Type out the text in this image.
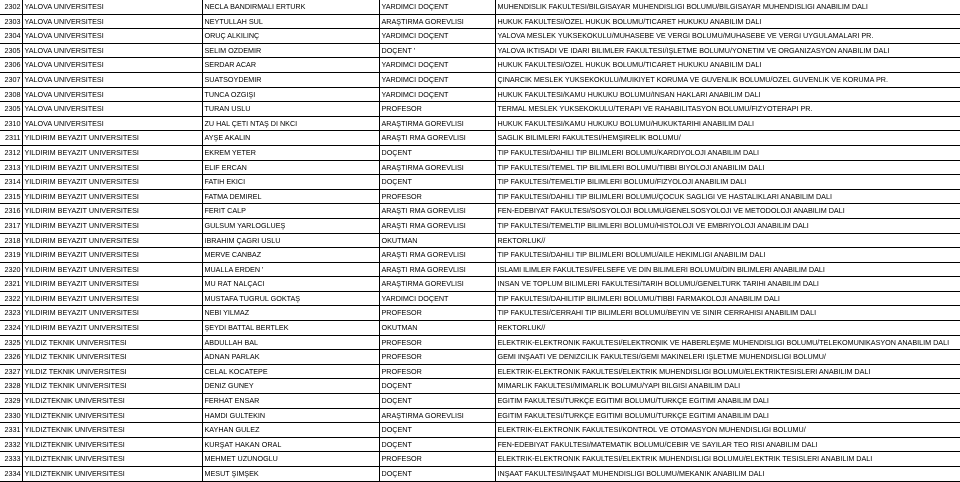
2302	YALOVA UNIVERSITESI	NECLA BANDIRMALI ERTURK	YARDIMCI DOÇENT	MUHENDISLIK FAKULTESI/BILGISAYAR MUHENDISLIGI BOLUMU/BILGISAYAR MUHENDISLIGI ANABILIM DALI
2303	YALOVA UNIVERSITESI	NEYTULLAH SUL	ARAŞTIRMA GOREVLISI	HUKUK FAKULTESI/OZEL HUKUK BOLUMU/TICARET HUKUKU ANABILIM DALI
2304	YALOVA UNIVERSITESI	ORUÇ ALKILINÇ	YARDIMCI DOÇENT	YALOVA MESLEK YUKSEKOKULU/MUHASEBE VE VERGI BOLUMU/MUHASEBE VE VERGI UYGULAMALARI PR.
2305	YALOVA UNIVERSITESI	SELIM OZDEMIR	DOÇENT '	YALOVA IKTISADI VE IDARI BILIMLER FAKULTESI/IŞLETME BOLUMU/YONETIM VE ORGANIZASYON ANABILIM DALI
2306	YALOVA UNIVERSITESI	SERDAR ACAR	YARDIMCI DOÇENT	HUKUK FAKULTESI/OZEL HUKUK BOLUMU/TICARET HUKUKU ANABILIM DALI
2307	YALOVA UNIVERSITESI	SUATSOYDEMIR	YARDIMCI DOÇENT	ÇINARCIK MESLEK YUKSEKOKULU/MUIKIYET KORUMA VE GUVENLIK BOLUMU/OZEL GUVENLIK VE KORUMA PR.
2308	YALOVA UNIVERSITESI	TUNCA OZGIŞI	YARDIMCI DOÇENT	HUKUK FAKULTESI/KAMU HUKUKU BOLUMU/INSAN HAKLARI ANABILIM DALI
2305	YALOVA UNIVERSITESI	TURAN USLU	PROFESOR	TERMAL MESLEK YUKSEKOKULU/TERAPI VE RAHABILITASYON BOLUMU/FIZYOTERAPI PR.
2310	YALOVA UNIVERSITESI	ZU HAL ÇETI NTAŞ DI NKCI	ARAŞTIRMA GOREVLISI	HUKUK FAKULTESI/KAMU HUKUKU BOLUMU/HUKUKTARIHI ANABILIM DALI
2311	YILDIRIM BEYAZIT UNIVERSITESI	AYŞE AKALIN	ARAŞTI RMA GOREVLISI	SAGLIK BILIMLERI FAKULTESI/HEMŞIRELIK BOLUMU/
2312	YILDIRIM BEYAZIT UNIVERSITESI	EKREM YETER	DOÇENT	TIP FAKULTESI/DAHILI TIP BILIMLERI BOLUMU/KARDIYOLOJI ANABILIM DALI
2313	YILDIRIM BEYAZIT UNIVERSITESI	ELIF ERCAN	ARAŞTIRMA GOREVLISI	TIP FAKULTESI/TEMEL TIP BILIMLERI BOLUMU/TIBBI BIYOLOJI ANABILIM DALI
2314	YILDIRIM BEYAZIT UNIVERSITESI	FATIH EKICI	DOÇENT	TIP FAKULTESI/TEMELTIP BILIMLERI BOLUMU/FIZYOLOJI ANABILIM DALI
2315	YILDIRIM BEYAZIT UNIVERSITESI	FATMA DEMIREL	PROFESOR	TIP FAKULTESI/DAHILI TIP BILIMLERI BOLUMU/ÇOCUK SAGLIGI VE HASTALIKLARI ANABILIM DALI
2316	YILDIRIM BEYAZIT UNIVERSITESI	FERIT CALP	ARAŞTI RMA GOREVLISI	FEN-EDEBIYAT FAKULTESI/SOSYOLOJI BOLUMU/GENELSOSYOLOJI VE METODOLOJI ANABILIM DALI
2317	YILDIRIM BEYAZIT UNIVERSITESI	GULSUM YARLOGLUEŞ	ARAŞTI RMA GOREVLISI	TIP FAKULTESI/TEMELTIP BILIMLERI BOLUMU/HISTOLOJI VE EMBRIYOLOJI ANABILIM DALI
2318	YILDIRIM BEYAZIT UNIVERSITESI	IBRAHIM ÇAGRI USLU	OKUTMAN	REKTORLUK//
2319	YILDIRIM BEYAZIT UNIVERSITESI	MERVE CANBAZ	ARAŞTI RMA GOREVLISI	TIP FAKULTESI/DAHILI TIP BILIMLERI BOLUMU/AILE HEKIMLIGI ANABILIM DALI
2320	YILDIRIM BEYAZIT UNIVERSITESI	MUALLA ERDEN '	ARAŞTI RMA GOREVLISI	ISLAMI ILIMLER FAKULTESI/FELSEFE VE DIN BILIMLERI BOLUMU/DIN BILIMLERI ANABILIM DALI
2321	YILDIRIM BEYAZIT UNIVERSITESI	MU RAT NALÇACI	ARAŞTIRMA GOREVLISI	INSAN VE TOPLUM BILIMLERI FAKULTESI/TARIH BOLUMU/GENELTURK TARIHI ANABILIM DALI
2322	YILDIRIM BEYAZIT UNIVERSITESI	MUSTAFA TUGRUL GOKTAŞ	YARDIMCI DOÇENT	TIP FAKULTESI/DAHILITIP BILIMLERI BOLUMU/TIBBI FARMAKOLOJI ANABILIM DALI
2323	YILDIRIM BEYAZIT UNIVERSITESI	NEBI YILMAZ	PROFESOR	TIP FAKULTESI/CERRAHI TIP BILIMLERI BOLUMU/BEYIN VE SINIR CERRAHISI ANABILIM DALI
2324	YILDIRIM BEYAZIT UNIVERSITESI	ŞEYDI BATTAL BERTLEK	OKUTMAN	REKTORLUK//
2325	YILDIZ TEKNIK UNIVERSITESI	ABDULLAH BAL	PROFESOR	ELEKTRIK-ELEKTRONIK FAKULTESI/ELEKTRONIK VE HABERLEŞME MUHENDISLIGI BOLUMU/TELEKOMUNIKASYON ANABILIM DALI
2326	YILDIZ TEKNIK UNIVERSITESI	ADNAN PARLAK	PROFESOR	GEMI INŞAATI VE DENIZCILIK FAKULTESI/GEMI MAKINELERI IŞLETME MUHENDISLIGI BOLUMU/
2327	YILDIZ TEKNIK UNIVERSITESI	CELAL KOCATEPE	PROFESOR	ELEKTRIK-ELEKTRONIK FAKULTESI/ELEKTRIK MUHENDISLIGI BOLUMU/ELEKTRIKTESISLERI ANABILIM DALI
2328	YILDIZ TEKNIK UNIVERSITESI	DENIZ GUNEY	DOÇENT	MIMARLIK FAKULTESI/MIMARLIK BOLUMU/YAPI BILGISI ANABILIM DALI
2329	YILDIZTEKNIK UNIVERSITESI	FERHAT ENSAR	DOÇENT	EGITIM FAKULTESI/TURKÇE EGITIMI BOLUMU/TURKÇE EGITIMI ANABILIM DALI
2330	YILDIZTEKNIK UNIVERSITESI	HAMDI GULTEKIN	ARAŞTIRMA GOREVLISI	EGITIM FAKULTESI/TURKÇE EGITIMI BOLUMU/TURKÇE EGITIMI ANABILIM DALI
2331	YILDIZTEKNIK UNIVERSITESI	KAYHAN GULEZ	DOÇENT	ELEKTRIK-ELEKTRONIK FAKULTESI/KONTROL VE OTOMASYON MUHENDISLIGI BOLUMU/
2332	YILDIZTEKNIK UNIVERSITESI	KURŞAT HAKAN ORAL	DOÇENT	FEN-EDEBIYAT FAKULTESI/MATEMATIK BOLUMU/CEBIR VE SAYILAR TEO RISI ANABILIM DALI
2333	YILDIZTEKNIK UNIVERSITESI	MEHMET UZUNOGLU	PROFESOR	ELEKTRIK-ELEKTRONIK FAKULTESI/ELEKTRIK MUHENDISLIGI BOLUMU/ELEKTRIK TESISLERI ANABILIM DALI
2334	YILDIZTEKNIK UNIVERSITESI	MESUT ŞIMŞEK	DOÇENT	INŞAAT FAKULTESI/INŞAAT MUHENDISLIGI BOLUMU/MEKANIK ANABILIM DALI
